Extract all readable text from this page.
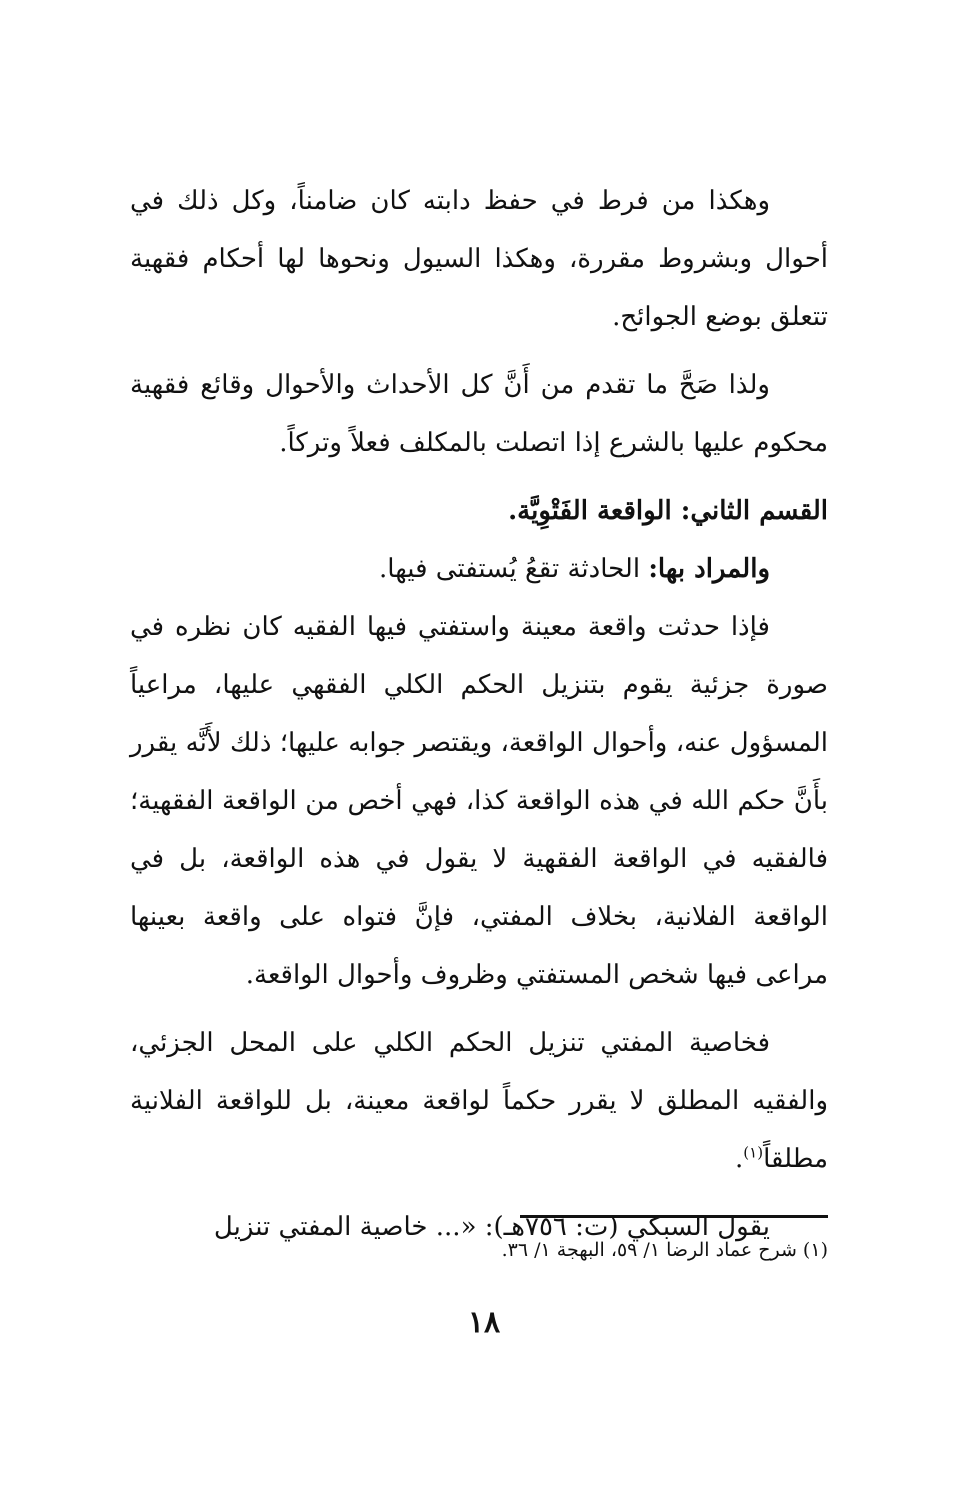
وهكذا من فرط في حفظ دابته كان ضامناً، وكل ذلك في أحوال وبشروط مقررة، وهكذا السيول ونحوها لها أحكام فقهية تتعلق بوضع الجوائح.

ولذا صَحَّ ما تقدم من أَنَّ كل الأحداث والأحوال وقائع فقهية محكوم عليها بالشرع إذا اتصلت بالمكلف فعلاً وتركاً.

القسم الثاني: الواقعة الفَتْوِيَّة.

والمراد بها: الحادثة تقعُ يُستفتى فيها.

فإذا حدثت واقعة معينة واستفتي فيها الفقيه كان نظره في صورة جزئية يقوم بتنزيل الحكم الكلي الفقهي عليها، مراعياً المسؤول عنه، وأحوال الواقعة، ويقتصر جوابه عليها؛ ذلك لأَنَّه يقرر بأَنَّ حكم الله في هذه الواقعة كذا، فهي أخص من الواقعة الفقهية؛ فالفقيه في الواقعة الفقهية لا يقول في هذه الواقعة، بل في الواقعة الفلانية، بخلاف المفتي، فإنَّ فتواه على واقعة بعينها مراعى فيها شخص المستفتي وظروف وأحوال الواقعة.

فخاصية المفتي تنزيل الحكم الكلي على المحل الجزئي، والفقيه المطلق لا يقرر حكماً لواقعة معينة، بل للواقعة الفلانية مطلقاً$^{(١)}$.

يقول السبكي (ت: ٧٥٦هـ): «... خاصية المفتي تنزيل

(١) شرح عماد الرضا ١/ ٥٩، البهجة ١/ ٣٦.
١٨
